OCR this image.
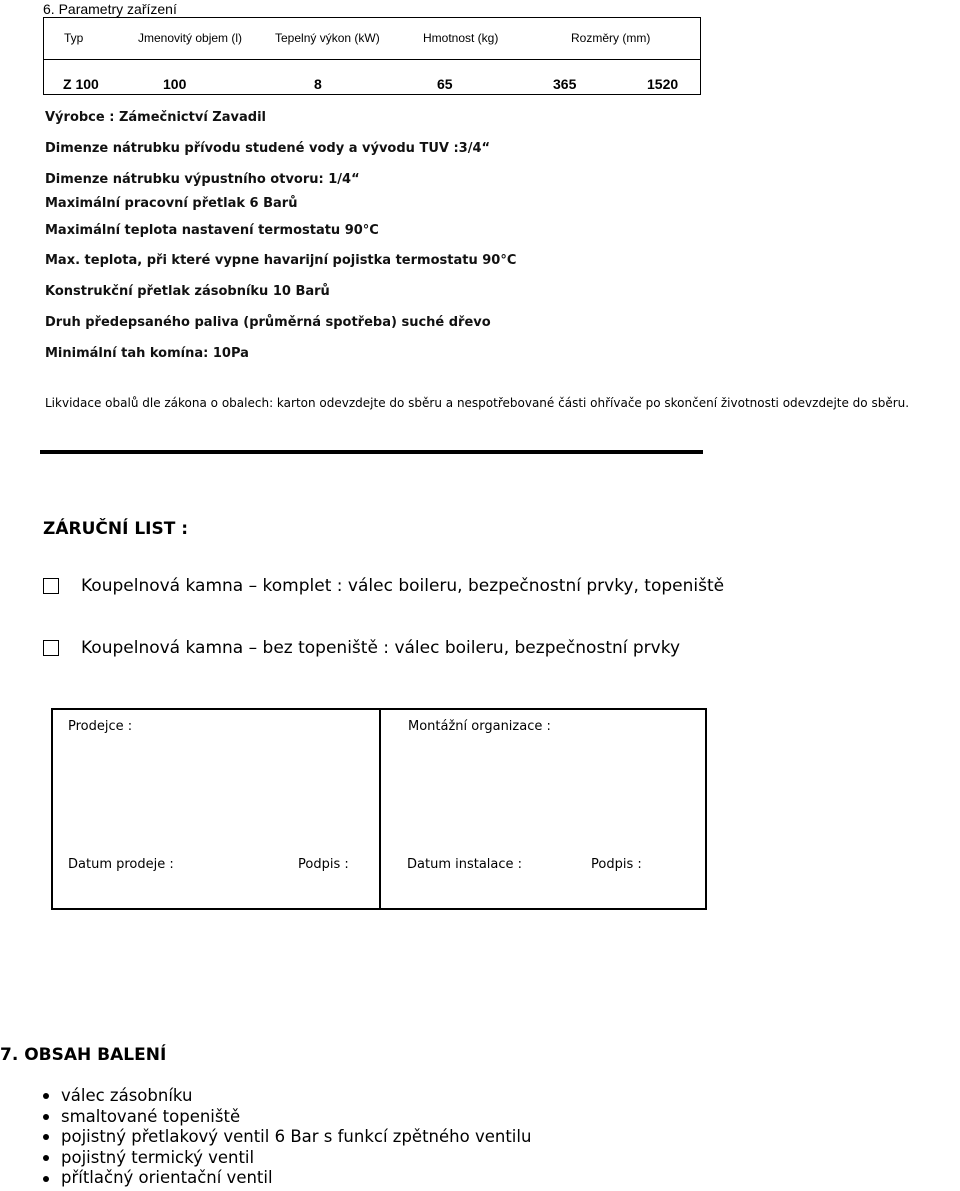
6. Parametry zařízení
Typ	Jmenovitý objem (l)	Tepelný výkon (kW)	Hmotnost (kg)	Rozměry (mm)
Z 100	100	8	65	365	1520
Výrobce : Zámečnictví Zavadil
Dimenze nátrubku přívodu studené vody a vývodu TUV :3/4“
Dimenze nátrubku výpustního otvoru: 1/4“
Maximální pracovní přetlak 6 Barů
Maximální teplota nastavení termostatu 90°C
Max. teplota, při které vypne havarijní pojistka termostatu 90°C
Konstrukční přetlak zásobníku 10 Barů
Druh předepsaného paliva (průměrná spotřeba) suché dřevo
Minimální tah komína: 10Pa
Likvidace obalů dle zákona o obalech: karton odevzdejte do sběru a nespotřebované části ohřívače po skončení životnosti odevzdejte do sběru.
ZÁRUČNÍ LIST :
Koupelnová kamna – komplet : válec boileru, bezpečnostní prvky, topeniště
Koupelnová kamna – bez topeniště : válec boileru, bezpečnostní prvky
Prodejce :	Montážní organizace :
Datum prodeje :	Podpis :	Datum instalace :	Podpis :
7. OBSAH BALENÍ
válec zásobníku
smaltované topeniště
pojistný přetlakový ventil 6 Bar s funkcí zpětného ventilu
pojistný termický ventil
přítlačný orientační ventil
